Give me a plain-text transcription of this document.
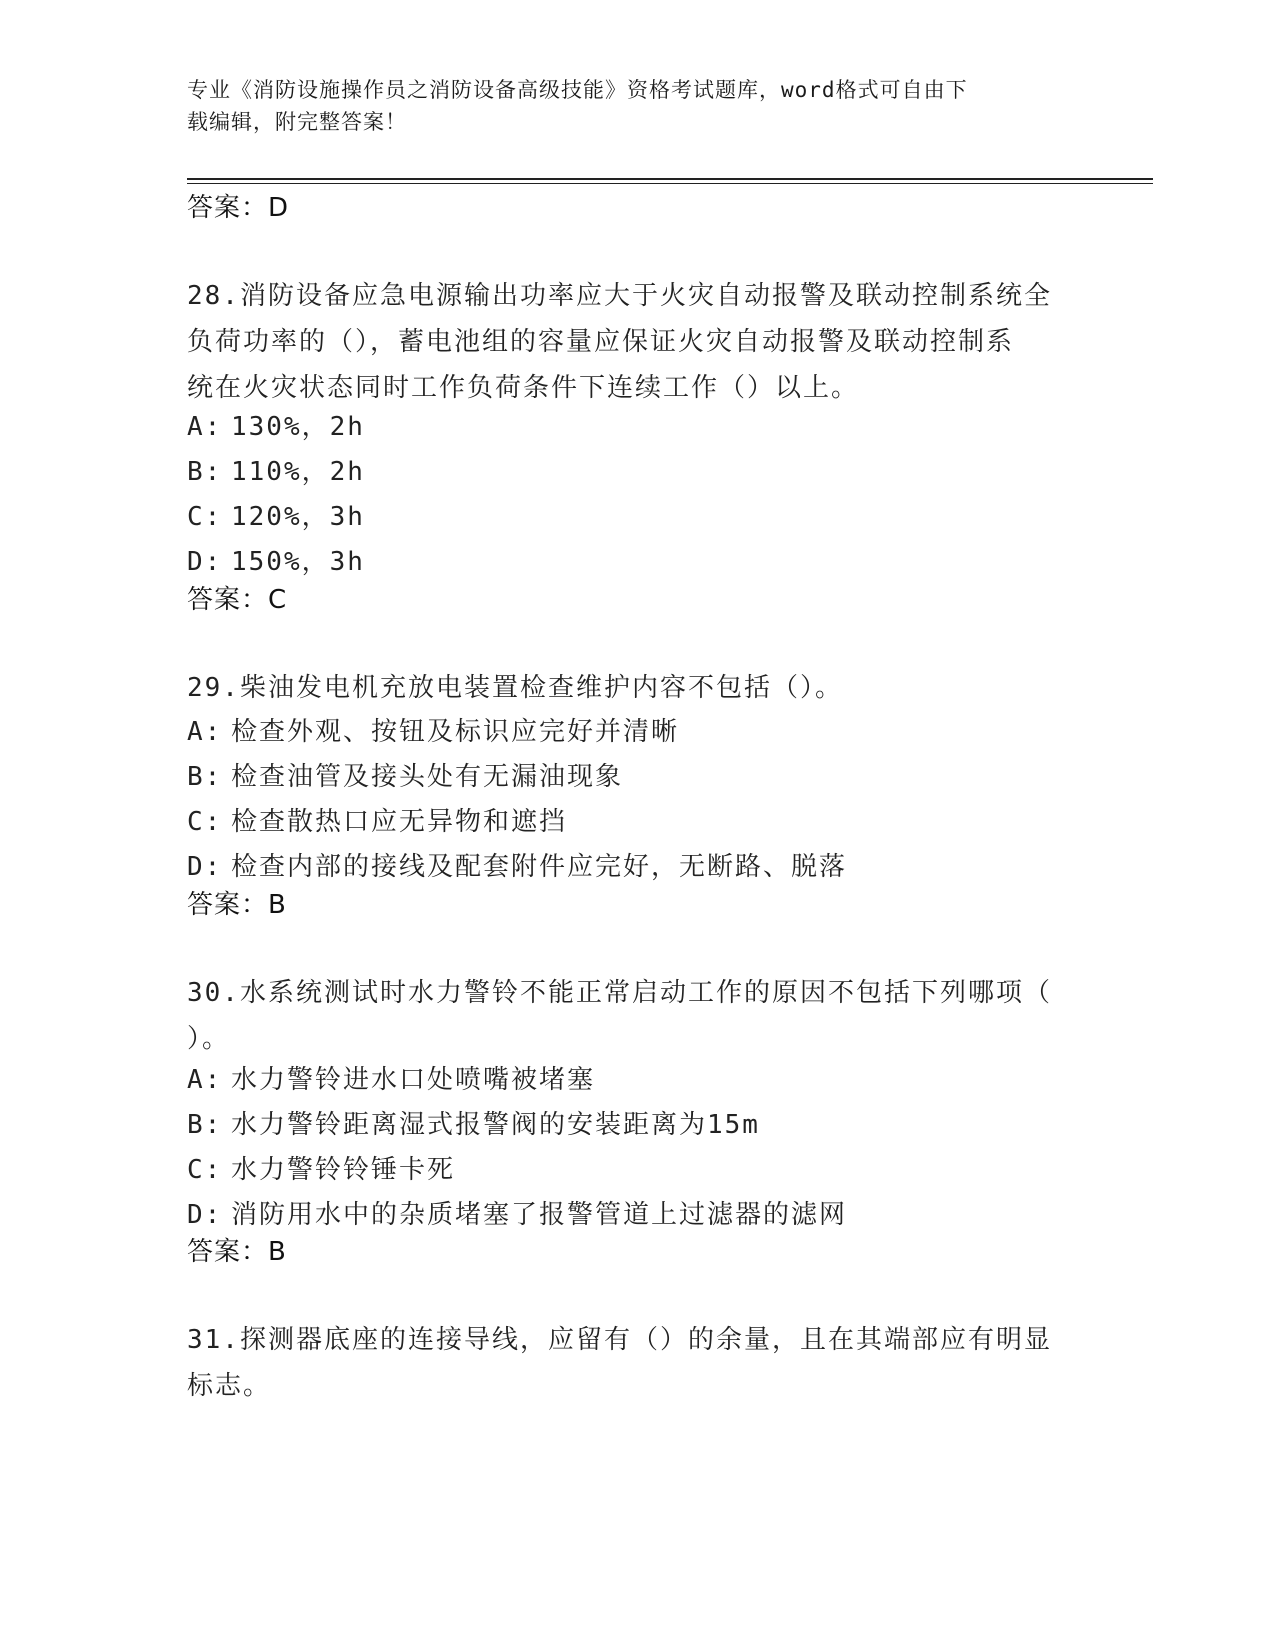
专业《消防设施操作员之消防设备高级技能》资格考试题库，word格式可自由下
载编辑，附完整答案！
答案：D
28.消防设备应急电源输出功率应大于火灾自动报警及联动控制系统全
负荷功率的（），蓄电池组的容量应保证火灾自动报警及联动控制系
统在火灾状态同时工作负荷条件下连续工作（）以上。
A: 130%，2h
B: 110%，2h
C: 120%，3h
D: 150%，3h
答案：C
29.柴油发电机充放电装置检查维护内容不包括（）。
A: 检查外观、按钮及标识应完好并清晰
B: 检查油管及接头处有无漏油现象
C: 检查散热口应无异物和遮挡
D: 检查内部的接线及配套附件应完好，无断路、脱落
答案：B
30.水系统测试时水力警铃不能正常启动工作的原因不包括下列哪项（
）。
A: 水力警铃进水口处喷嘴被堵塞
B: 水力警铃距离湿式报警阀的安装距离为15m
C: 水力警铃铃锤卡死
D: 消防用水中的杂质堵塞了报警管道上过滤器的滤网
答案：B
31.探测器底座的连接导线，应留有（）的余量，且在其端部应有明显
标志。
